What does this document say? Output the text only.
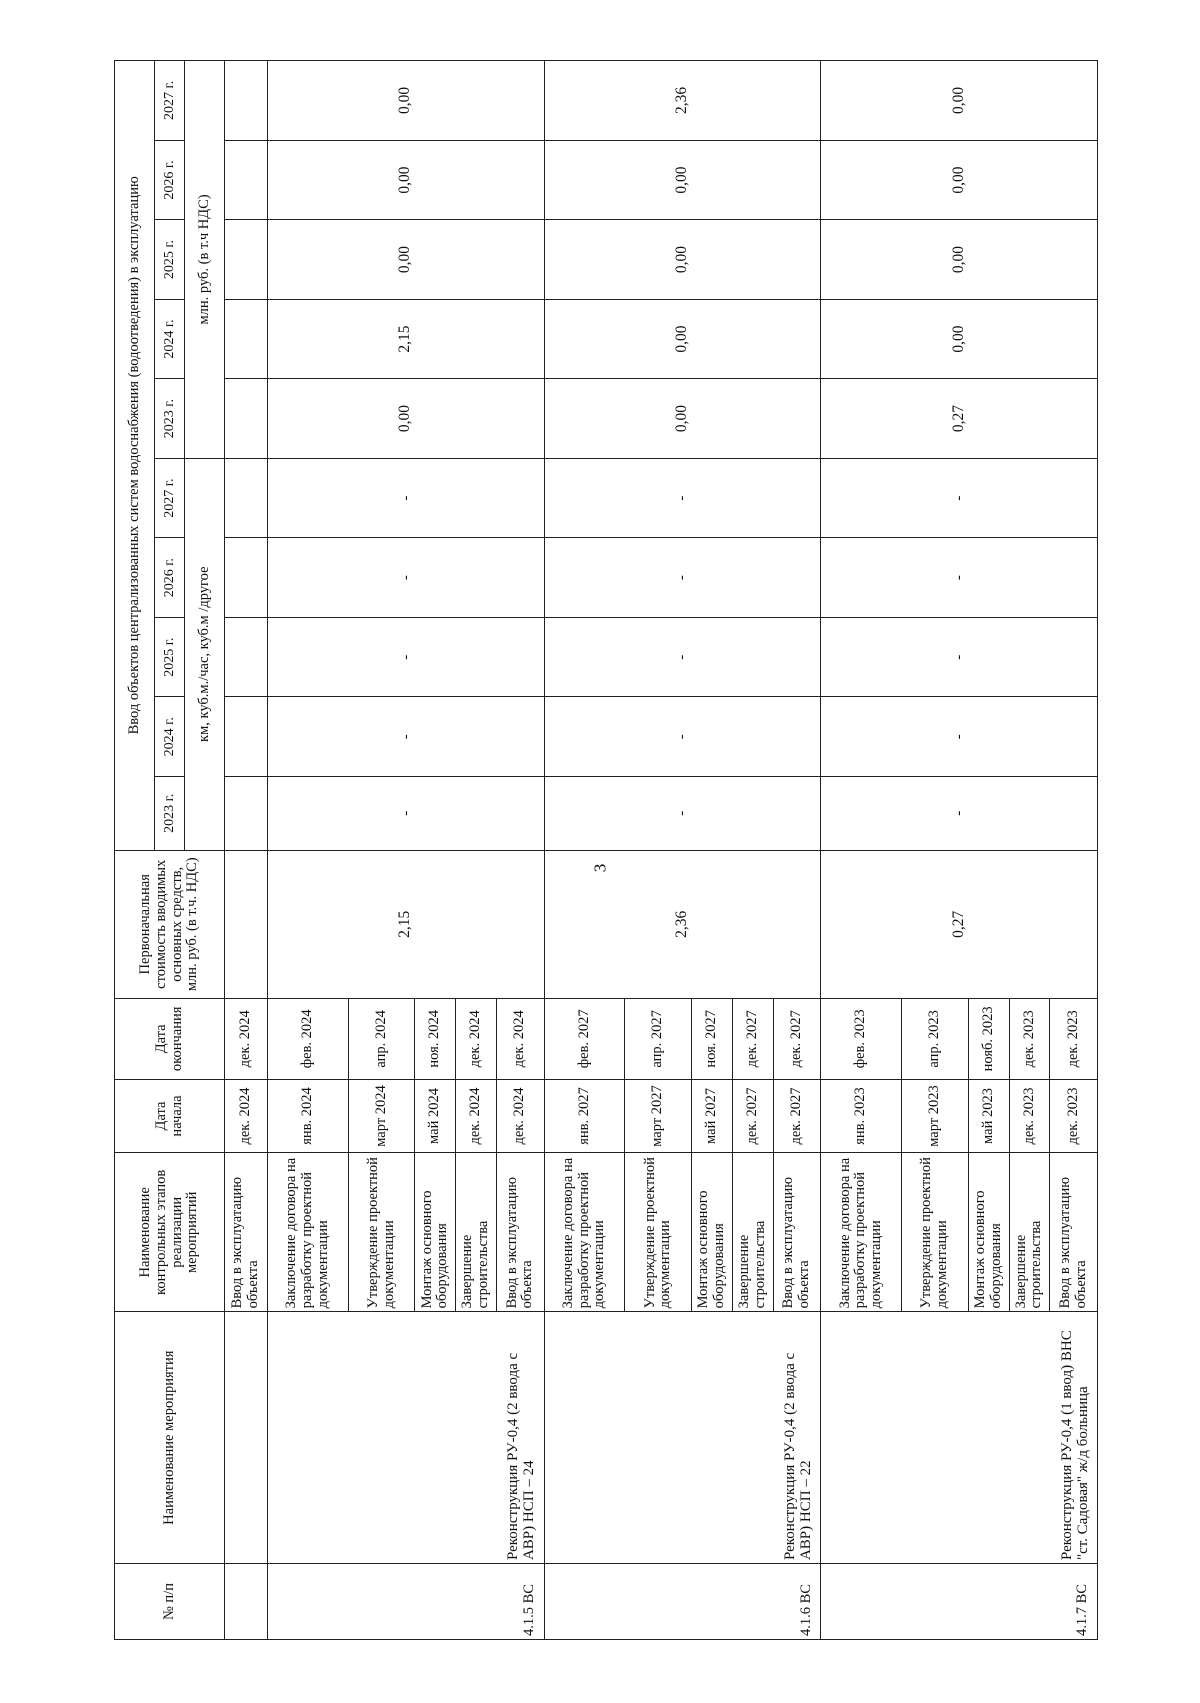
3
№ п/п	Наименование мероприятия	Наименование контрольных этапов реализации мероприятий	Дата начала	Дата окончания	Первоначальная стоимость вводимых основных средств, млн. руб. (в т.ч. НДС)	Ввод объектов централизованных систем водоснабжения (водоотведения) в эксплуатацию									
						2023 г.	2024 г.	2025 г.	2026 г.	2027 г.	2023 г.	2024 г.	2025 г.	2026 г.	2027 г.
						км, куб.м./час, куб.м /другое					млн. руб. (в т.ч НДС)				
		Ввод в эксплуатацию объекта	дек. 2024	дек. 2024											
4.1.5 ВС	Реконструкция РУ-0,4 (2 ввода с АВР) НСП – 24	Заключение договора на разработку проектной документации	янв. 2024	фев. 2024	2,15	-	-	-	-	-	0,00	2,15	0,00	0,00	0,00
		Утверждение проектной документации	март 2024	апр. 2024											
		Монтаж основного оборудования	май 2024	ноя. 2024											
		Завершение строительства	дек. 2024	дек. 2024											
		Ввод в эксплуатацию объекта	дек. 2024	дек. 2024											
4.1.6 ВС	Реконструкция РУ-0,4 (2 ввода с АВР) НСП – 22	Заключение договора на разработку проектной документации	янв. 2027	фев. 2027	2,36	-	-	-	-	-	0,00	0,00	0,00	0,00	2,36
		Утверждение проектной документации	март 2027	апр. 2027											
		Монтаж основного оборудования	май 2027	ноя. 2027											
		Завершение строительства	дек. 2027	дек. 2027											
		Ввод в эксплуатацию объекта	дек. 2027	дек. 2027											
4.1.7 ВС	Реконструкция РУ-0,4 (1 ввод) ВНС "ст. Садовая" ж/д больница	Заключение договора на разработку проектной документации	янв. 2023	фев. 2023	0,27	-	-	-	-	-	0,27	0,00	0,00	0,00	0,00
		Утверждение проектной документации	март 2023	апр. 2023											
		Монтаж основного оборудования	май 2023	нояб. 2023											
		Завершение строительства	дек. 2023	дек. 2023											
		Ввод в эксплуатацию объекта	дек. 2023	дек. 2023											
